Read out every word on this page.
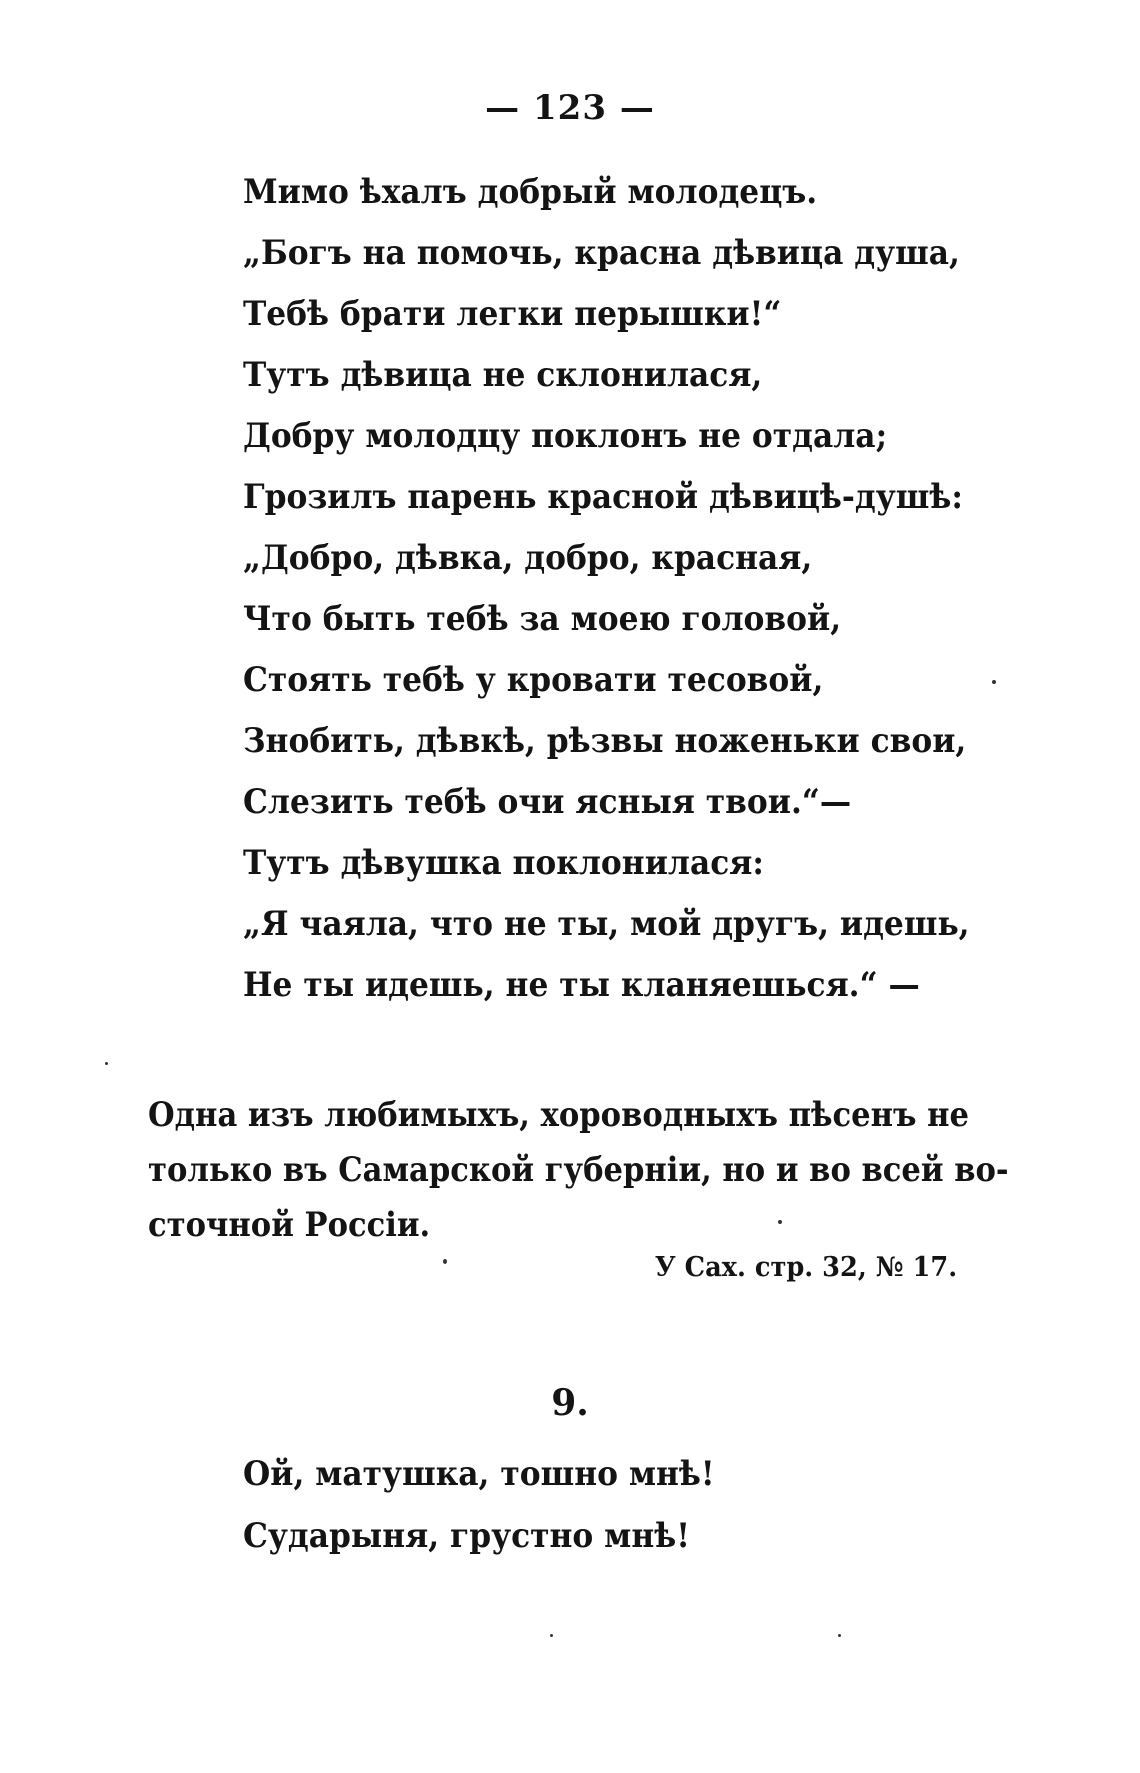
— 123 —

Мимо ѣхалъ добрый молодецъ.
„Богъ на помочь, красна дѣвица душа,
Тебѣ брати легки перышки!“
Тутъ дѣвица не склонилася,
Добру молодцу поклонъ не отдала;
Грозилъ парень красной дѣвицѣ-душѣ:
„Добро, дѣвка, добро, красная,
Что быть тебѣ за моею головой,
Стоять тебѣ у кровати тесовой,
Знобить, дѣвкѣ, рѣзвы ноженьки свои,
Слезить тебѣ очи ясныя твои.“—
Тутъ дѣвушка поклонилася:
„Я чаяла, что не ты, мой другъ, идешь,
Не ты идешь, не ты кланяешься.“ —
Одна изъ любимыхъ, хороводныхъ пѣсенъ не
только въ Самарской губерніи, но и во всей во-
сточной Россіи.

У Сах. стр. 32, № 17.

9.

Ой, матушка, тошно мнѣ!
Сударыня, грустно мнѣ!
